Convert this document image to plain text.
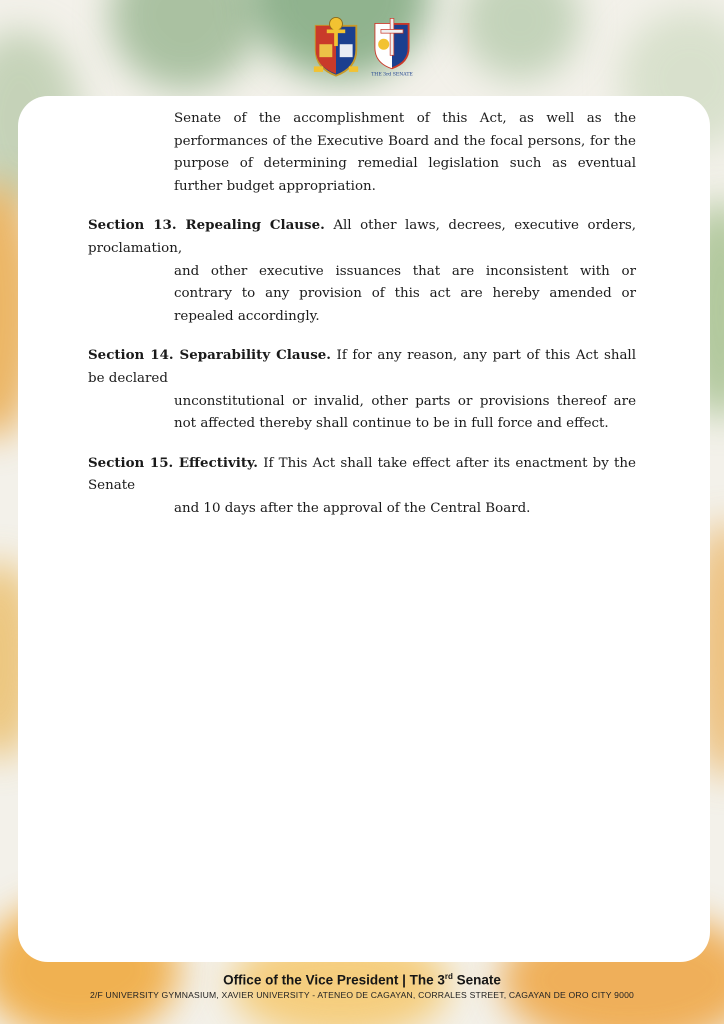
THE 3rd SENATE

Senate of the accomplishment of this Act, as well as the performances of the Executive Board and the focal persons, for the purpose of determining remedial legislation such as eventual further budget appropriation.

Section 13. Repealing Clause. All other laws, decrees, executive orders, proclamation,

and other executive issuances that are inconsistent with or contrary to any provision of this act are hereby amended or repealed accordingly.

Section 14. Separability Clause. If for any reason, any part of this Act shall be declared

unconstitutional or invalid, other parts or provisions thereof are not affected thereby shall continue to be in full force and effect.

Section 15. Effectivity. If This Act shall take effect after its enactment by the Senate

and 10 days after the approval of the Central Board.

Office of the Vice President | The 3rd Senate
2/F UNIVERSITY GYMNASIUM, XAVIER UNIVERSITY - ATENEO DE CAGAYAN, CORRALES STREET, CAGAYAN DE ORO CITY 9000
